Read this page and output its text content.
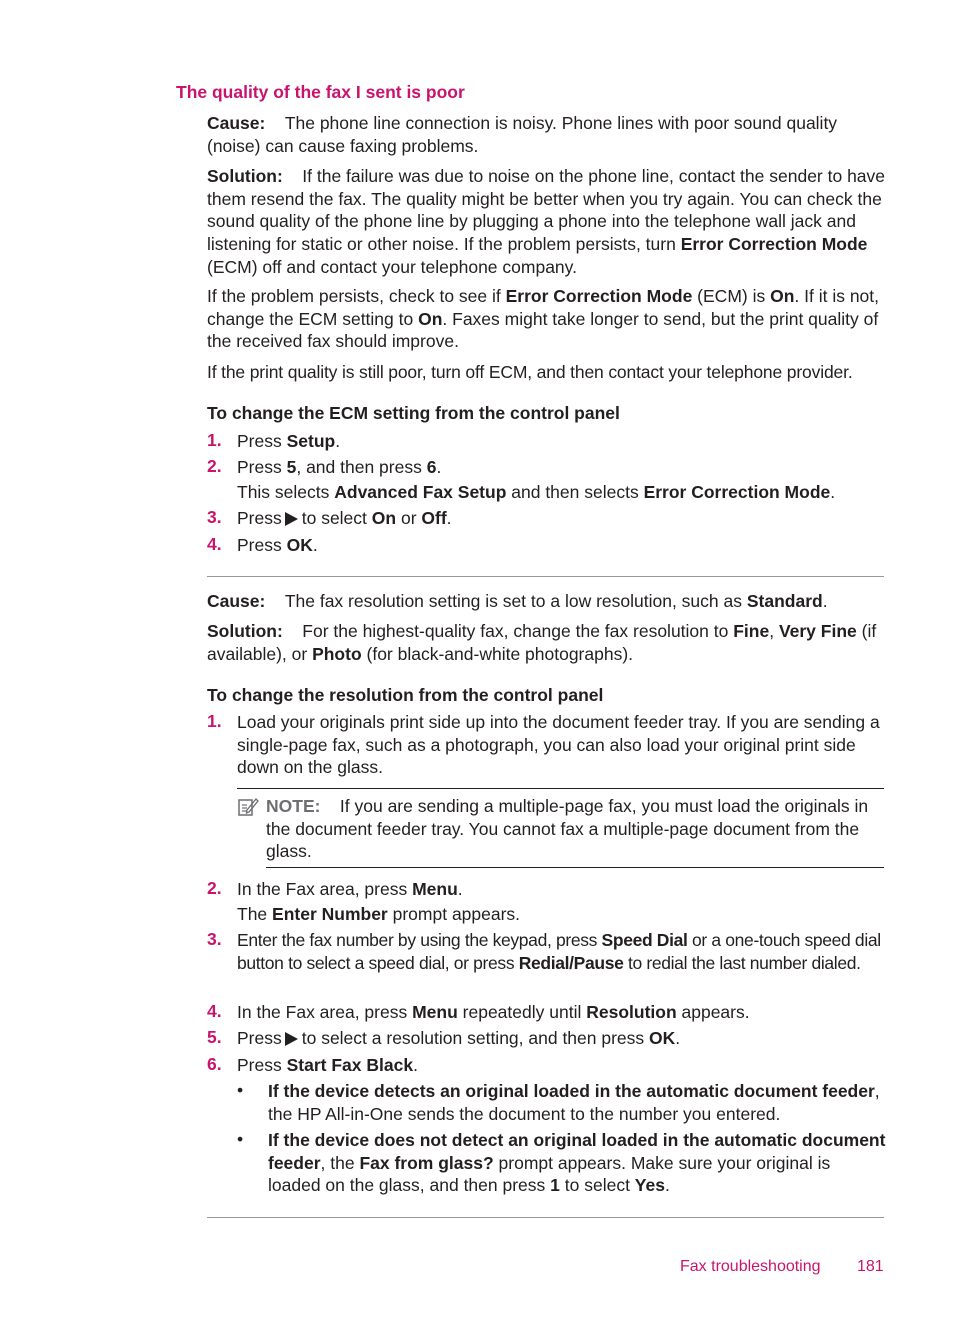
The quality of the fax I sent is poor
Cause: The phone line connection is noisy. Phone lines with poor sound quality (noise) can cause faxing problems.
Solution: If the failure was due to noise on the phone line, contact the sender to have them resend the fax. The quality might be better when you try again. You can check the sound quality of the phone line by plugging a phone into the telephone wall jack and listening for static or other noise. If the problem persists, turn Error Correction Mode (ECM) off and contact your telephone company.
If the problem persists, check to see if Error Correction Mode (ECM) is On. If it is not, change the ECM setting to On. Faxes might take longer to send, but the print quality of the received fax should improve.
If the print quality is still poor, turn off ECM, and then contact your telephone provider.
To change the ECM setting from the control panel
1. Press Setup.
2. Press 5, and then press 6.
This selects Advanced Fax Setup and then selects Error Correction Mode.
3. Press to select On or Off.
4. Press OK.
Cause: The fax resolution setting is set to a low resolution, such as Standard.
Solution: For the highest-quality fax, change the fax resolution to Fine, Very Fine (if available), or Photo (for black-and-white photographs).
To change the resolution from the control panel
1. Load your originals print side up into the document feeder tray. If you are sending a single-page fax, such as a photograph, you can also load your original print side down on the glass.
NOTE: If you are sending a multiple-page fax, you must load the originals in the document feeder tray. You cannot fax a multiple-page document from the glass.
2. In the Fax area, press Menu.
The Enter Number prompt appears.
3. Enter the fax number by using the keypad, press Speed Dial or a one-touch speed dial button to select a speed dial, or press Redial/Pause to redial the last number dialed.
4. In the Fax area, press Menu repeatedly until Resolution appears.
5. Press to select a resolution setting, and then press OK.
6. Press Start Fax Black.
• If the device detects an original loaded in the automatic document feeder, the HP All-in-One sends the document to the number you entered.
• If the device does not detect an original loaded in the automatic document feeder, the Fax from glass? prompt appears. Make sure your original is loaded on the glass, and then press 1 to select Yes.
Fax troubleshooting 181
